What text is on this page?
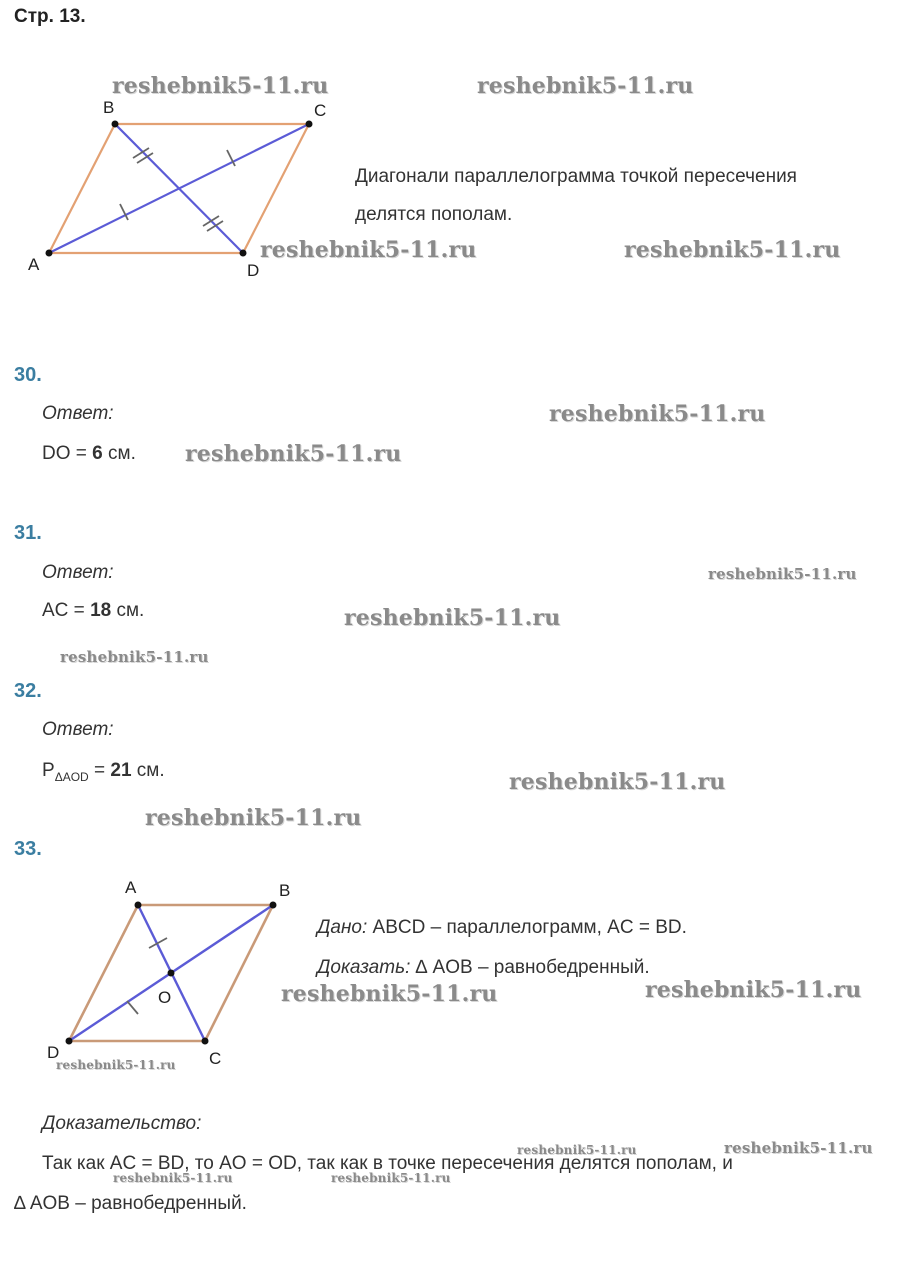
Стр. 13.
A
B	C
D
Диагонали параллелограмма точкой пересечения
делятся пополам.
30.
Ответ:
DO = 6 см.
31.
Ответ:
AC = 18 см.
32.
Ответ:
$P_{\Delta AOD} = 21$ см.
33.
A	B
C
D
O
Дано: ABCD – параллелограмм, AC = BD.
Доказать: ∆ AOB – равнобедренный.
Доказательство:
Так как AC = BD, то AO = OD, так как в точке пересечения делятся пополам, и
∆ AOB – равнобедренный.
reshebnik5-11.ru	reshebnik5-11.ru
reshebnik5-11.ru	reshebnik5-11.ru
reshebnik5-11.ru
reshebnik5-11.ru
reshebnik5-11.ru
reshebnik5-11.ru
reshebnik5-11.ru
reshebnik5-11.ru
reshebnik5-11.ru
reshebnik5-11.ru	reshebnik5-11.ru
reshebnik5-11.ru
reshebnik5-11.ru	reshebnik5-11.ru
reshebnik5-11.ru	reshebnik5-11.ru
